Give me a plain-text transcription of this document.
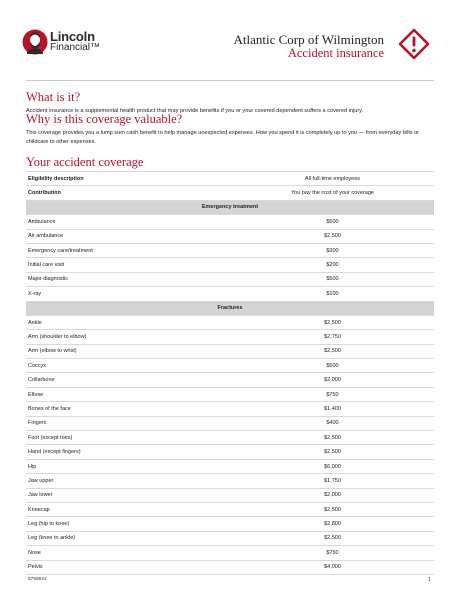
Lincoln
Financial™
Atlantic Corp of Wilmington
Accident insurance
What is it?
Accident insurance is a supplemental health product that may provide benefits if you or your covered dependent suffers a covered injury.
Why is this coverage valuable?
This coverage provides you a lump sum cash benefit to help manage unexpected expenses. How you spend it is completely up to you — from everyday bills or childcare to other expenses.
Your accident coverage
Eligibility description	All full-time employees
Contribution	You pay the cost of your coverage
Emergency treatment	
Ambulance	$500
Air ambulance	$2,500
Emergency care/treatment	$300
Initial care visit	$200
Major diagnostic	$500
X-ray	$100
Fractures	
Ankle	$2,500
Arm (shoulder to elbow)	$2,750
Arm (elbow to wrist)	$2,500
Coccyx	$500
Collarbone	$2,000
Elbow	$750
Bones of the face	$1,400
Fingers	$400
Foot (except toes)	$2,500
Hand (except fingers)	$2,500
Hip	$6,000
Jaw upper	$1,750
Jaw lower	$2,000
Kneecap	$2,500
Leg (hip to knee)	$2,800
Leg (knee to ankle)	$2,500
Nose	$750
Pelvis	$4,000
6758624	1
